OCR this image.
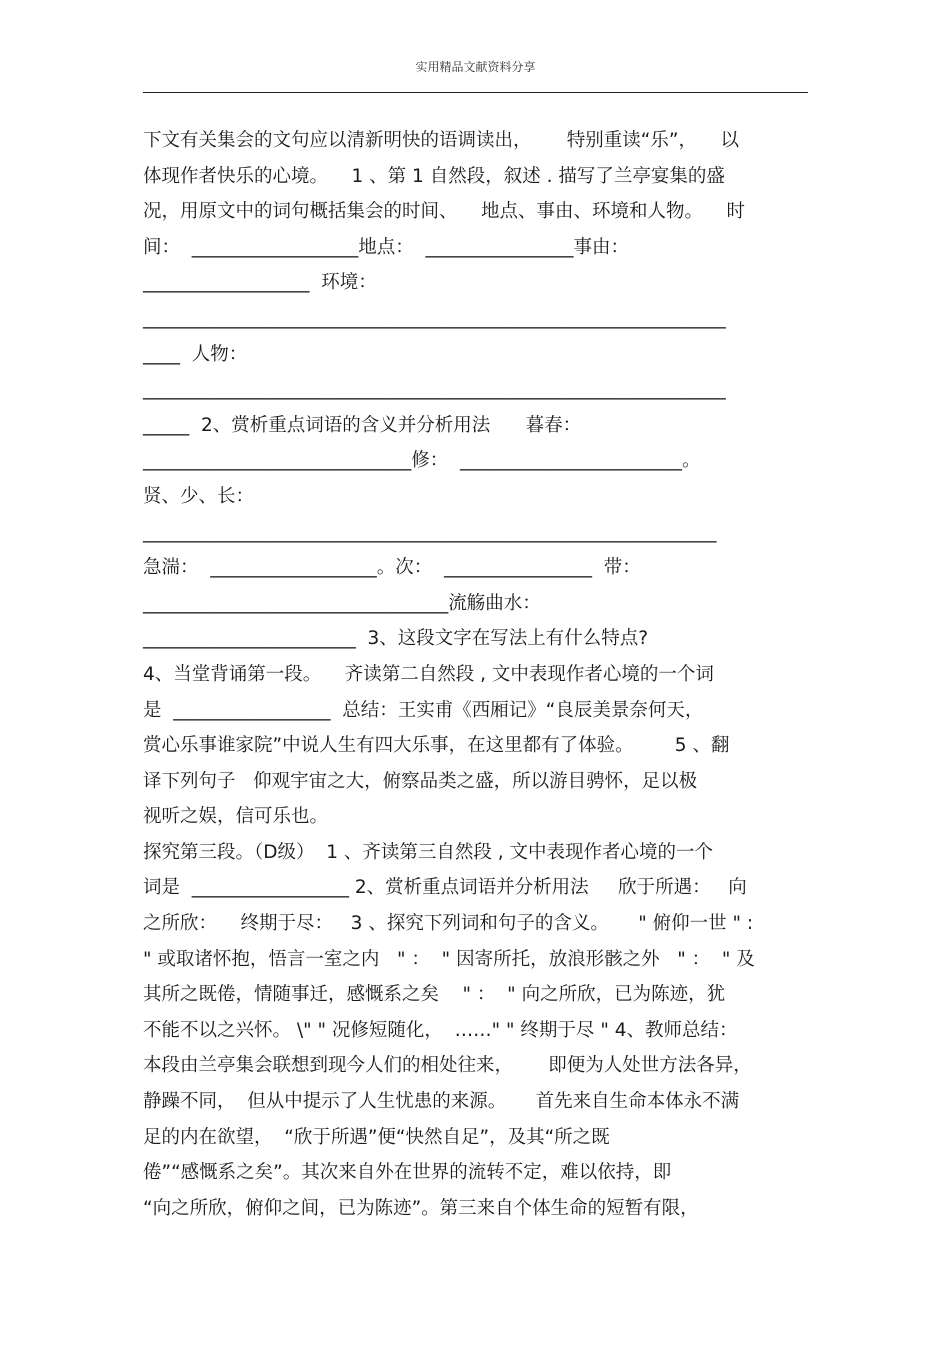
实用精品文献资料分享
下文有关集会的文句应以清新明快的语调读出，      特别重读“乐”，    以
体现作者快乐的心境。    1 、第 1 自然段，叙述 . 描写了兰亭宴集的盛
况，用原文中的词句概括集会的时间、    地点、事由、环境和人物。    时
间：  __________________地点：  ________________事由：
__________________  环境：
_______________________________________________________________
____  人物：
_______________________________________________________________
_____  2、赏析重点词语的含义并分析用法      暮春：
_____________________________修：  ________________________。
贤、少、长：
______________________________________________________________
急湍：  __________________。次：  ________________  带：
_________________________________流觞曲水：
_______________________  3、这段文字在写法上有什么特点?
4、当堂背诵第一段。    齐读第二自然段 , 文中表现作者心境的一个词
是  _________________  总结：王实甫《西厢记》“良辰美景奈何天，
赏心乐事谁家院”中说人生有四大乐事，在这里都有了体验。       5 、翻
译下列句子   仰观宇宙之大，俯察品类之盛，所以游目骋怀，足以极
视听之娱，信可乐也。
探究第三段。（D级）  1 、齐读第三自然段 , 文中表现作者心境的一个
词是  _________________ 2、赏析重点词语并分析用法     欣于所遇：   向
之所欣：    终期于尽：   3 、探究下列词和句子的含义。     " 俯仰一世 " :
" 或取诸怀抱，悟言一室之内   " ：  " 因寄所托，放浪形骸之外   " ：  " 及
其所之既倦，情随事迁，感慨系之矣    " ：  " 向之所欣，已为陈迹，犹
不能不以之兴怀。 \" " 况修短随化，  ……" " 终期于尽 " 4、教师总结：
本段由兰亭集会联想到现今人们的相处往来，      即便为人处世方法各异，
静躁不同，  但从中提示了人生忧患的来源。     首先来自生命本体永不满
足的内在欲望，  “欣于所遇”便“快然自足”，及其“所之既
倦”“感慨系之矣”。其次来自外在世界的流转不定，难以依持，即
“向之所欣，俯仰之间，已为陈迹”。第三来自个体生命的短暂有限，
